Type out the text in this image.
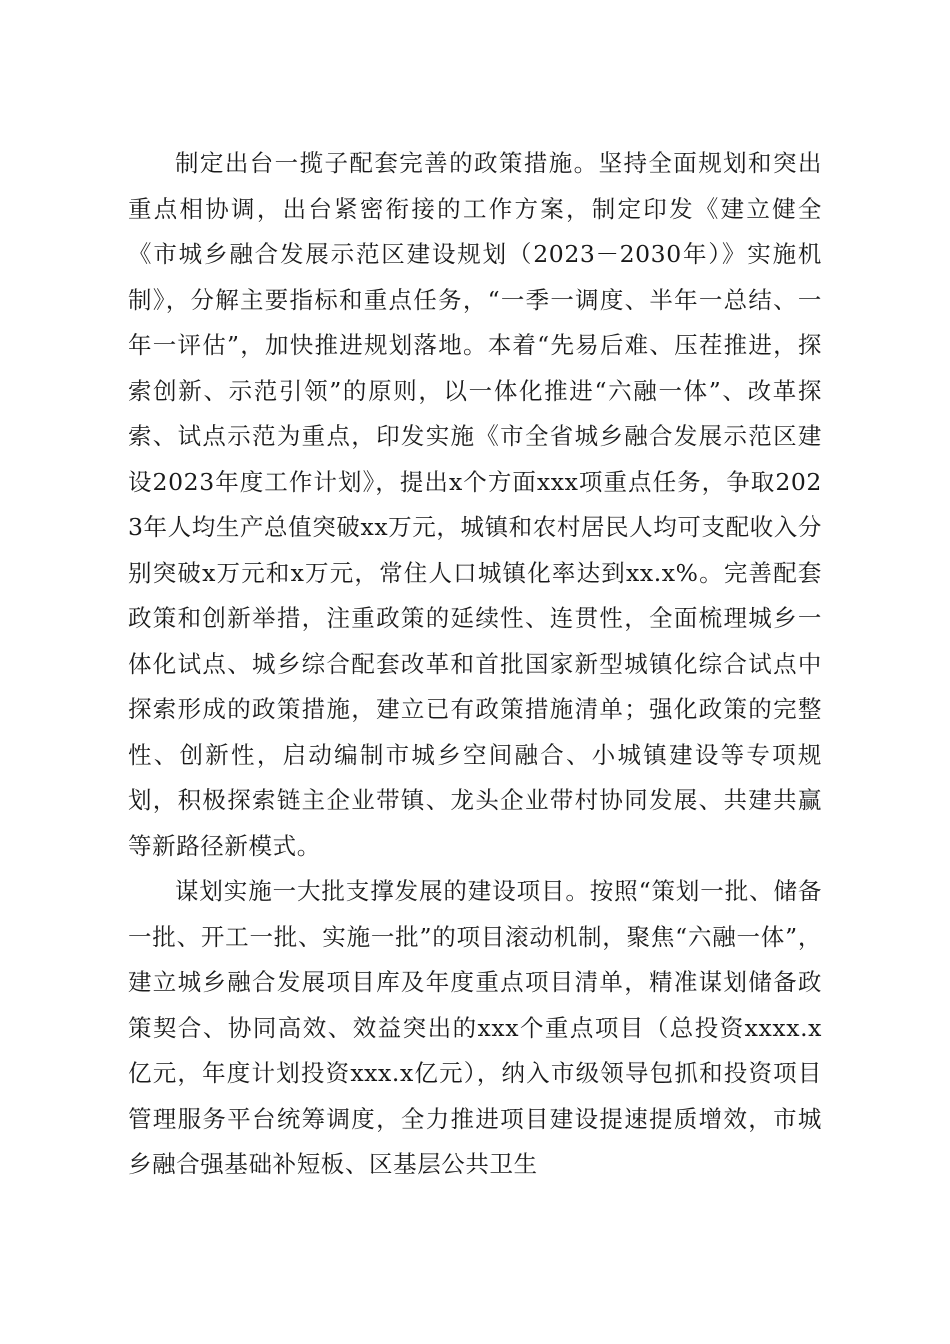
制定出台一揽子配套完善的政策措施。坚持全面规划和突出重点相协调，出台紧密衔接的工作方案，制定印发《建立健全《市城乡融合发展示范区建设规划（2023－2030年）》实施机制》，分解主要指标和重点任务，“一季一调度、半年一总结、一年一评估”，加快推进规划落地。本着“先易后难、压茬推进，探索创新、示范引领”的原则，以一体化推进“六融一体”、改革探索、试点示范为重点，印发实施《市全省城乡融合发展示范区建设2023年度工作计划》，提出x个方面xxx项重点任务，争取2023年人均生产总值突破xx万元，城镇和农村居民人均可支配收入分别突破x万元和x万元，常住人口城镇化率达到xx.x%。完善配套政策和创新举措，注重政策的延续性、连贯性，全面梳理城乡一体化试点、城乡综合配套改革和首批国家新型城镇化综合试点中探索形成的政策措施，建立已有政策措施清单；强化政策的完整性、创新性，启动编制市城乡空间融合、小城镇建设等专项规划，积极探索链主企业带镇、龙头企业带村协同发展、共建共赢等新路径新模式。

谋划实施一大批支撑发展的建设项目。按照“策划一批、储备一批、开工一批、实施一批”的项目滚动机制，聚焦“六融一体”，建立城乡融合发展项目库及年度重点项目清单，精准谋划储备政策契合、协同高效、效益突出的xxx个重点项目（总投资xxxx.x亿元，年度计划投资xxx.x亿元），纳入市级领导包抓和投资项目管理服务平台统筹调度，全力推进项目建设提速提质增效，市城乡融合强基础补短板、区基层公共卫生
